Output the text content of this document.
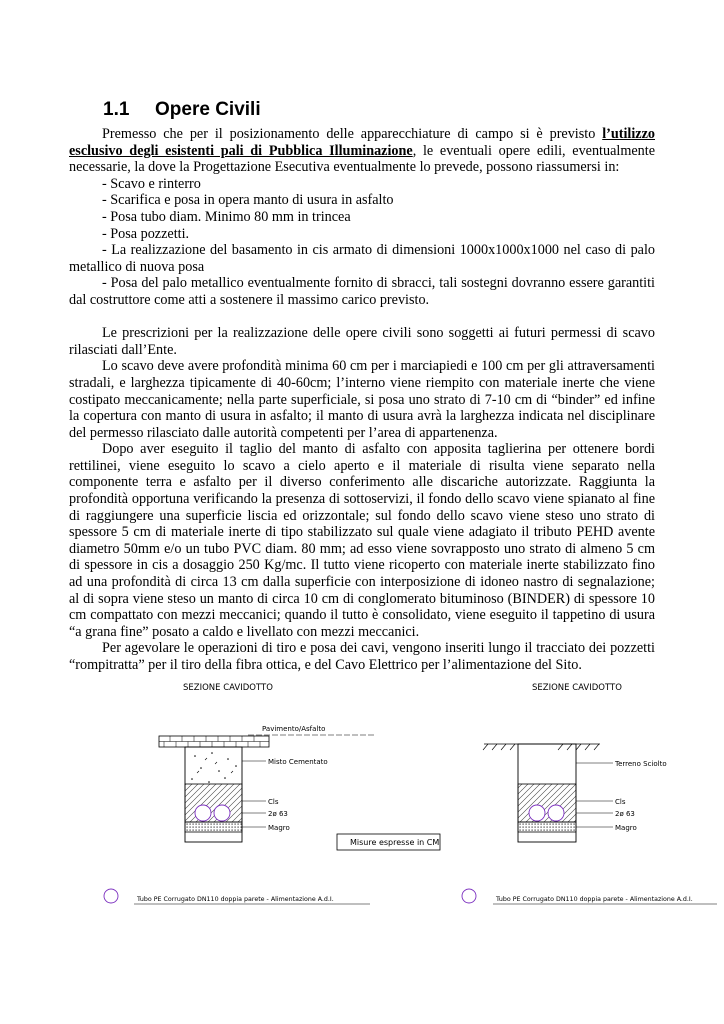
1.1 Opere Civili

Premesso che per il posizionamento delle apparecchiature di campo si è previsto l’utilizzo esclusivo degli esistenti pali di Pubblica Illuminazione, le eventuali opere edili, eventualmente necessarie, la dove la Progettazione Esecutiva eventualmente lo prevede, possono riassumersi in:

- Scavo e rinterro

- Scarifica e posa in opera manto di usura in asfalto

- Posa tubo diam. Minimo 80 mm in trincea

- Posa pozzetti.

- La realizzazione del basamento in cis armato di dimensioni 1000x1000x1000 nel caso di palo metallico di nuova posa

- Posa del palo metallico eventualmente fornito di sbracci, tali sostegni dovranno essere garantiti dal costruttore come atti a sostenere il massimo carico previsto.

Le prescrizioni per la realizzazione delle opere civili sono soggetti ai futuri permessi di scavo rilasciati dall’Ente.

Lo scavo deve avere profondità minima 60 cm per i marciapiedi e 100 cm per gli attraversamenti stradali, e larghezza tipicamente di 40-60cm; l’interno viene riempito con materiale inerte che viene costipato meccanicamente; nella parte superficiale, si posa uno strato di 7-10 cm di “binder” ed infine la copertura con manto di usura in asfalto; il manto di usura avrà la larghezza indicata nel disciplinare del permesso rilasciato dalle autorità competenti per l’area di appartenenza.

Dopo aver eseguito il taglio del manto di asfalto con apposita taglierina per ottenere bordi rettilinei, viene eseguito lo scavo a cielo aperto e il materiale di risulta viene separato nella componente terra e asfalto per il diverso conferimento alle discariche autorizzate. Raggiunta la profondità opportuna verificando la presenza di sottoservizi, il fondo dello scavo viene spianato al fine di raggiungere una superficie liscia ed orizzontale; sul fondo dello scavo viene steso uno strato di spessore 5 cm di materiale inerte di tipo stabilizzato sul quale viene adagiato il tributo PEHD avente diametro 50mm e/o un tubo PVC diam. 80 mm; ad esso viene sovrapposto uno strato di almeno 5 cm di spessore in cis a dosaggio 250 Kg/mc. Il tutto viene ricoperto con materiale inerte stabilizzato fino ad una profondità di circa 13 cm dalla superficie con interposizione di idoneo nastro di segnalazione; al di sopra viene steso un manto di circa 10 cm di conglomerato bituminoso (BINDER) di spessore 10 cm compattato con mezzi meccanici; quando il tutto è consolidato, viene eseguito il tappetino di usura “a grana fine” posato a caldo e livellato con mezzi meccanici.

Per agevolare le operazioni di tiro e posa dei cavi, vengono inseriti lungo il tracciato dei pozzetti “rompitratta” per il tiro della fibra ottica, e del Cavo Elettrico per l’alimentazione del Sito.

SEZIONE CAVIDOTTO	SEZIONE CAVIDOTTO
Pavimento/Asfalto
Misto Cementato
Cls
2ø 63
Magro
Misure espresse in CM
Terreno Sciolto
Cls
2ø 63
Magro
Tubo PE Corrugato DN110 doppia parete - Alimentazione A.d.I.	Tubo PE Corrugato DN110 doppia parete - Alimentazione A.d.I.
